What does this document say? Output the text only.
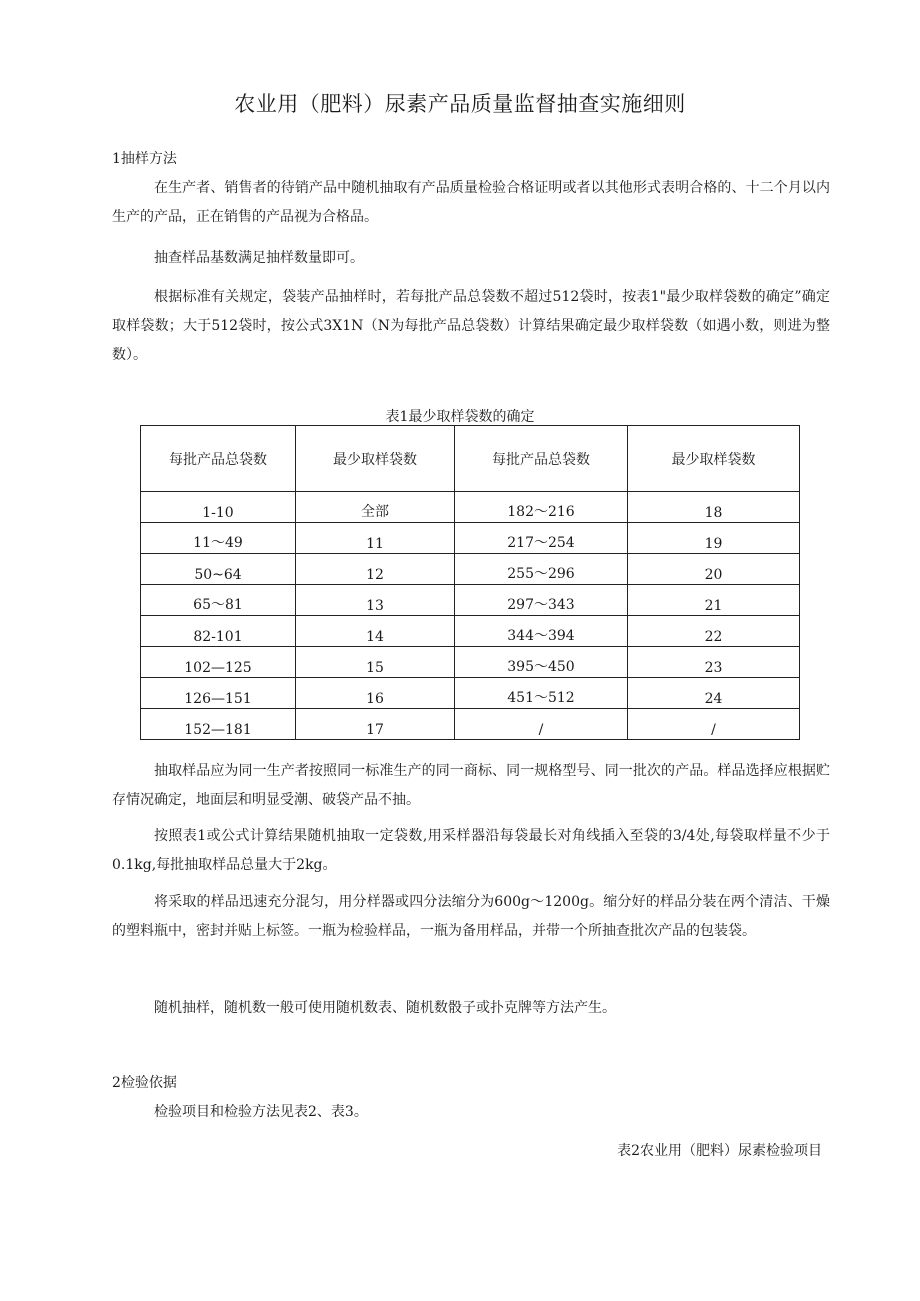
农业用（肥料）尿素产品质量监督抽查实施细则
1抽样方法

在生产者、销售者的待销产品中随机抽取有产品质量检验合格证明或者以其他形式表明合格的、十二个月以内生产的产品，正在销售的产品视为合格品。

抽查样品基数满足抽样数量即可。

根据标准有关规定，袋装产品抽样时，若每批产品总袋数不超过512袋时，按表1"最少取样袋数的确定”确定取样袋数；大于512袋时，按公式3X1N（N为每批产品总袋数）计算结果确定最少取样袋数（如遇小数，则进为整数）。

表1最少取样袋数的确定
每批产品总袋数	最少取样袋数	每批产品总袋数	最少取样袋数

1-10	全部	182～216	18

11～49	11	217～254	19

50~64	12	255～296	20

65～81	13	297～343	21

82-101	14	344～394	22

102—125	15	395～450	23

126—151	16	451～512	24

152—181	17	/	/

抽取样品应为同一生产者按照同一标准生产的同一商标、同一规格型号、同一批次的产品。样品选择应根据贮存情况确定，地面层和明显受潮、破袋产品不抽。

按照表1或公式计算结果随机抽取一定袋数,用采样器沿每袋最长对角线插入至袋的3/4处,每袋取样量不少于0.1kg,每批抽取样品总量大于2kg。

将采取的样品迅速充分混匀，用分样器或四分法缩分为600g～1200g。缩分好的样品分装在两个清洁、干燥的塑料瓶中，密封并贴上标签。一瓶为检验样品，一瓶为备用样品，并带一个所抽查批次产品的包装袋。

随机抽样，随机数一般可使用随机数表、随机数骰子或扑克牌等方法产生。

2检验依据

检验项目和检验方法见表2、表3。

表2农业用（肥料）尿素检验项目
